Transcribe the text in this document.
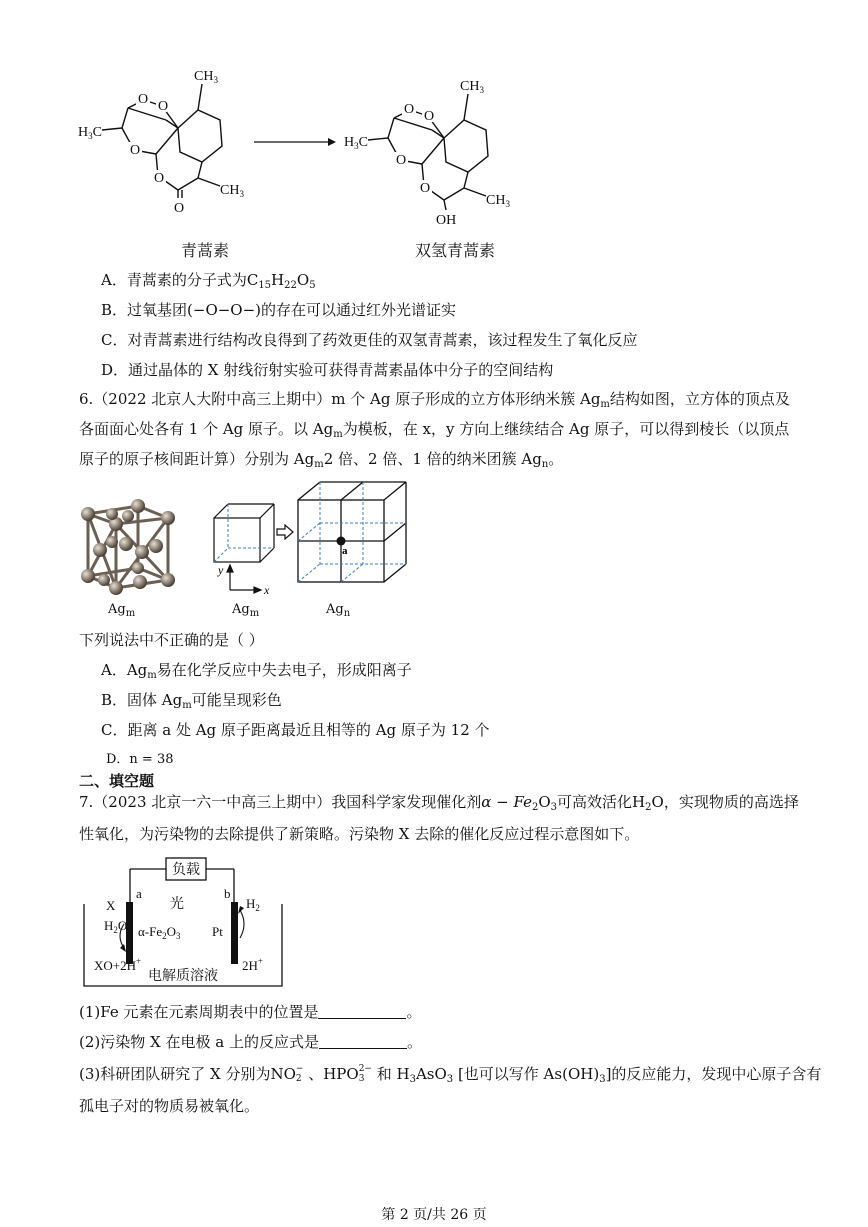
O O
O
O
O
$CH_3$
$CH_3$
$H_3C$
O O
O
O
OH
$CH_3$
$CH_3$
$H_3C$
青蒿素	双氢青蒿素
A．青蒿素的分子式为$C_{15}H_{22}O_5$
B．过氧基团(−O−O−)的存在可以通过红外光谱证实
C．对青蒿素进行结构改良得到了药效更佳的双氢青蒿素，该过程发生了氧化反应
D．通过晶体的 X 射线衍射实验可获得青蒿素晶体中分子的空间结构
6.（2022 北京人大附中高三上期中）m 个 Ag 原子形成的立方体形纳米簇 $Ag_m$结构如图，立方体的顶点及
各面面心处各有 1 个 Ag 原子。以 $Ag_m$为模板，在 x，y 方向上继续结合 Ag 原子，可以得到棱长（以顶点
原子的原子核间距计算）分别为 $Ag_m2$ 倍、2 倍、1 倍的纳米团簇 $Ag_n$。
y
x
a
$Ag_m$	$Ag_m$	$Ag_n$
下列说法中不正确的是（ ）
A．$Ag_m$易在化学反应中失去电子，形成阳离子
B．固体 $Ag_m$可能呈现彩色
C．距离 a 处 Ag 原子距离最近且相等的 Ag 原子为 12 个
D．n = 38
二、填空题
7.（2023 北京一六一中高三上期中）我国科学家发现催化剂$\alpha - Fe_2O_3$可高效活化$H_2O$，实现物质的高选择
性氧化，为污染物的去除提供了新策略。污染物 X 去除的催化反应过程示意图如下。
负载
a	b
光
X
$H_2O$ $\alpha-Fe_2O_3$ Pt
$H_2$
XO+2H+	2H+
电解质溶液
(1)Fe 元素在元素周期表中的位置是	。
(2)污染物 X 在电极 a 上的反应式是	。
(3)科研团队研究了 X 分别为NO−
2 、HPO2−
3 和 $H_3AsO_3$ [也可以写作 $As(OH)_3$]的反应能力，发现中心原子含有
孤电子对的物质易被氧化。
第 2 页/共 26 页
